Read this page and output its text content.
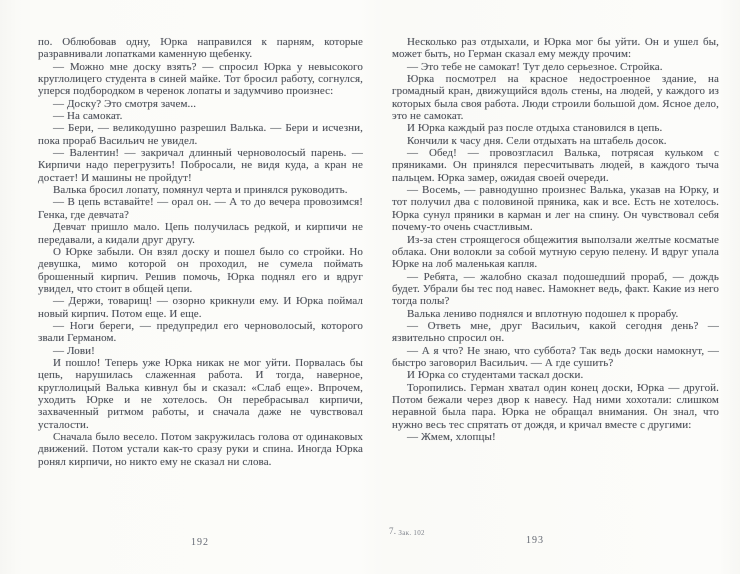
по. Облюбовав одну, Юрка направился к парням, которые разравнивали лопатками каменную щебенку.

— Можно мне доску взять? — спросил Юрка у невысокого круглолицего студента в синей майке. Тот бросил работу, согнулся, уперся подбородком в черенок лопаты и задумчиво произнес:

— Доску? Это смотря зачем...

— На самокат.

— Бери, — великодушно разрешил Валька. — Бери и исчезни, пока прораб Васильич не увидел.

— Валентин! — закричал длинный черноволосый парень. — Кирпичи надо перегрузить! Побросали, не видя куда, а кран не достает! И машины не пройдут!

Валька бросил лопату, помянул черта и принялся руководить.

— В цепь вставайте! — орал он. — А то до вечера провозимся! Генка, где девчата?

Девчат пришло мало. Цепь получилась редкой, и кирпичи не передавали, а кидали друг другу.

О Юрке забыли. Он взял доску и пошел было со стройки. Но девушка, мимо которой он проходил, не сумела поймать брошенный кирпич. Решив помочь, Юрка поднял его и вдруг увидел, что стоит в общей цепи.

— Держи, товарищ! — озорно крикнули ему. И Юрка поймал новый кирпич. Потом еще. И еще.

— Ноги береги, — предупредил его черноволосый, которого звали Германом.

— Лови!

И пошло! Теперь уже Юрка никак не мог уйти. Порвалась бы цепь, нарушилась слаженная работа. И тогда, наверное, круглолицый Валька кивнул бы и сказал: «Слаб еще». Впрочем, уходить Юрке и не хотелось. Он перебрасывал кирпичи, захваченный ритмом работы, и сначала даже не чувствовал усталости.

Сначала было весело. Потом закружилась голова от одинаковых движений. Потом устали как-то сразу руки и спина. Иногда Юрка ронял кирпичи, но никто ему не сказал ни слова.

Несколько раз отдыхали, и Юрка мог бы уйти. Он и ушел бы, может быть, но Герман сказал ему между прочим:

— Это тебе не самокат! Тут дело серьезное. Стройка.

Юрка посмотрел на красное недостроенное здание, на громадный кран, движущийся вдоль стены, на людей, у каждого из которых была своя работа. Люди строили большой дом. Ясное дело, это не самокат.

И Юрка каждый раз после отдыха становился в цепь.

Кончили к часу дня. Сели отдыхать на штабель досок.

— Обед! — провозгласил Валька, потрясая кульком с пряниками. Он принялся пересчитывать людей, в каждого тыча пальцем. Юрка замер, ожидая своей очереди.

— Восемь, — равнодушно произнес Валька, указав на Юрку, и тот получил два с половиной пряника, как и все. Есть не хотелось. Юрка сунул пряники в карман и лег на спину. Он чувствовал себя почему-то очень счастливым.

Из-за стен строящегося общежития выползали желтые косматые облака. Они волокли за собой мутную серую пелену. И вдруг упала Юрке на лоб маленькая капля.

— Ребята, — жалобно сказал подошедший прораб, — дождь будет. Убрали бы тес под навес. Намокнет ведь, факт. Какие из него тогда полы?

Валька лениво поднялся и вплотную подошел к прорабу.

— Ответь мне, друг Васильич, какой сегодня день? — язвительно спросил он.

— А я что? Не знаю, что суббота? Так ведь доски намокнут, — быстро заговорил Васильич. — А где сушить?

И Юрка со студентами таскал доски.

Торопились. Герман хватал один конец доски, Юрка — другой. Потом бежали через двор к навесу. Над ними хохотали: слишком неравной была пара. Юрка не обращал внимания. Он знал, что нужно весь тес спрятать от дождя, и кричал вместе с другими:

— Жмем, хлопцы!

192
7. Зак. 102
193
